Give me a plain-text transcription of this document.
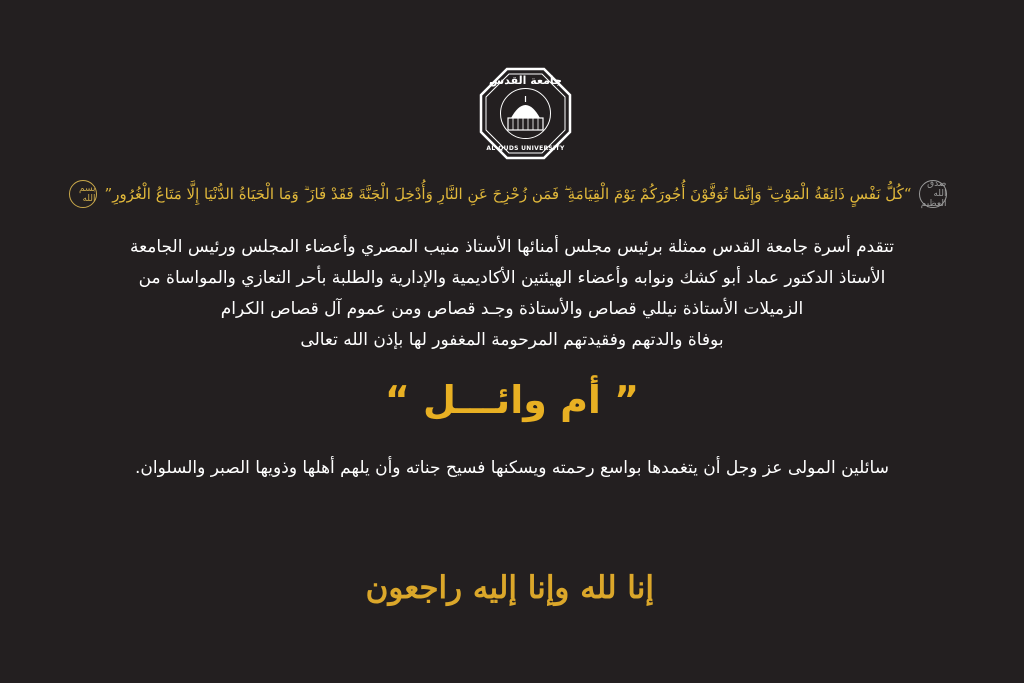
جامعة القدس
AL-QUDS UNIVERSITY
بسم الله “كُلُّ نَفْسٍ ذَائِقَةُ الْمَوْتِ ۗ وَإِنَّمَا تُوَفَّوْنَ أُجُورَكُمْ يَوْمَ الْقِيَامَةِ ۖ فَمَن زُحْزِحَ عَنِ النَّارِ وَأُدْخِلَ الْجَنَّةَ فَقَدْ فَازَ ۗ وَمَا الْحَيَاةُ الدُّنْيَا إِلَّا مَتَاعُ الْغُرُورِ”
صدق الله العظيم
تتقدم أسرة جامعة القدس ممثلة برئيس مجلس أمنائها الأستاذ منيب المصري وأعضاء المجلس ورئيس الجامعة
الأستاذ الدكتور عماد أبو كشك ونوابه وأعضاء الهيئتين الأكاديمية والإدارية والطلبة بأحر التعازي والمواساة من
الزميلات الأستاذة نيللي قصاص والأستاذة وجـد قصاص ومن عموم آل قصاص الكرام
بوفاة والدتهم وفقيدتهم المرحومة المغفور لها بإذن الله تعالى
” أم وائـــل “
سائلين المولى عز وجل أن يتغمدها بواسع رحمته ويسكنها فسيح جناته وأن يلهم أهلها وذويها الصبر والسلوان.
إنا لله وإنا إليه راجعون
